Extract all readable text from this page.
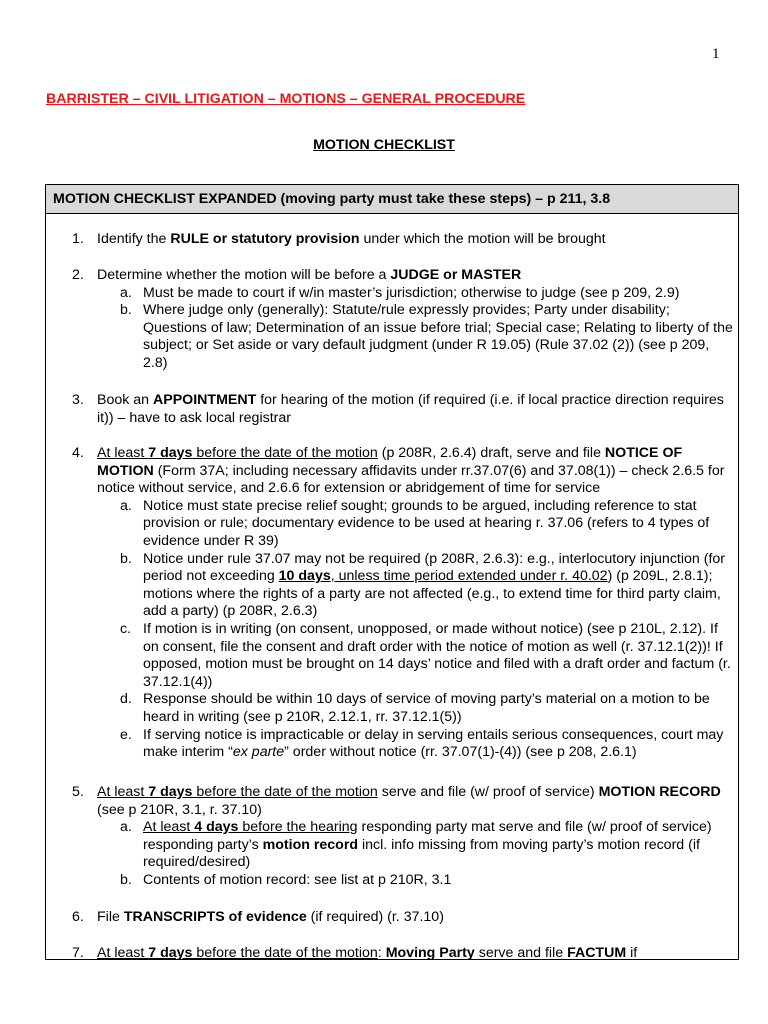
1
BARRISTER – CIVIL LITIGATION – MOTIONS – GENERAL PROCEDURE
MOTION CHECKLIST
MOTION CHECKLIST EXPANDED (moving party must take these steps) – p 211, 3.8
1. Identify the RULE or statutory provision under which the motion will be brought
2. Determine whether the motion will be before a JUDGE or MASTER
a. Must be made to court if w/in master’s jurisdiction; otherwise to judge (see p 209, 2.9)
b. Where judge only (generally): Statute/rule expressly provides; Party under disability; Questions of law; Determination of an issue before trial; Special case; Relating to liberty of the subject; or Set aside or vary default judgment (under R 19.05) (Rule 37.02 (2)) (see p 209, 2.8)
3. Book an APPOINTMENT for hearing of the motion (if required (i.e. if local practice direction requires it)) – have to ask local registrar
4. At least 7 days before the date of the motion (p 208R, 2.6.4) draft, serve and file NOTICE OF MOTION (Form 37A; including necessary affidavits under rr.37.07(6) and 37.08(1)) – check 2.6.5 for notice without service, and 2.6.6 for extension or abridgement of time for service
a. Notice must state precise relief sought; grounds to be argued, including reference to stat provision or rule; documentary evidence to be used at hearing r. 37.06 (refers to 4 types of evidence under R 39)
b. Notice under rule 37.07 may not be required (p 208R, 2.6.3): e.g., interlocutory injunction (for period not exceeding 10 days, unless time period extended under r. 40.02) (p 209L, 2.8.1); motions where the rights of a party are not affected (e.g., to extend time for third party claim, add a party) (p 208R, 2.6.3)
c. If motion is in writing (on consent, unopposed, or made without notice) (see p 210L, 2.12). If on consent, file the consent and draft order with the notice of motion as well (r. 37.12.1(2))! If opposed, motion must be brought on 14 days’ notice and filed with a draft order and factum (r. 37.12.1(4))
d. Response should be within 10 days of service of moving party’s material on a motion to be heard in writing (see p 210R, 2.12.1, rr. 37.12.1(5))
e. If serving notice is impracticable or delay in serving entails serious consequences, court may make interim “ex parte” order without notice (rr. 37.07(1)-(4)) (see p 208, 2.6.1)
5. At least 7 days before the date of the motion serve and file (w/ proof of service) MOTION RECORD (see p 210R, 3.1, r. 37.10)
a. At least 4 days before the hearing responding party mat serve and file (w/ proof of service) responding party’s motion record incl. info missing from moving party’s motion record (if required/desired)
b. Contents of motion record: see list at p 210R, 3.1
6. File TRANSCRIPTS of evidence (if required) (r. 37.10)
7. At least 7 days before the date of the motion: Moving Party serve and file FACTUM if
